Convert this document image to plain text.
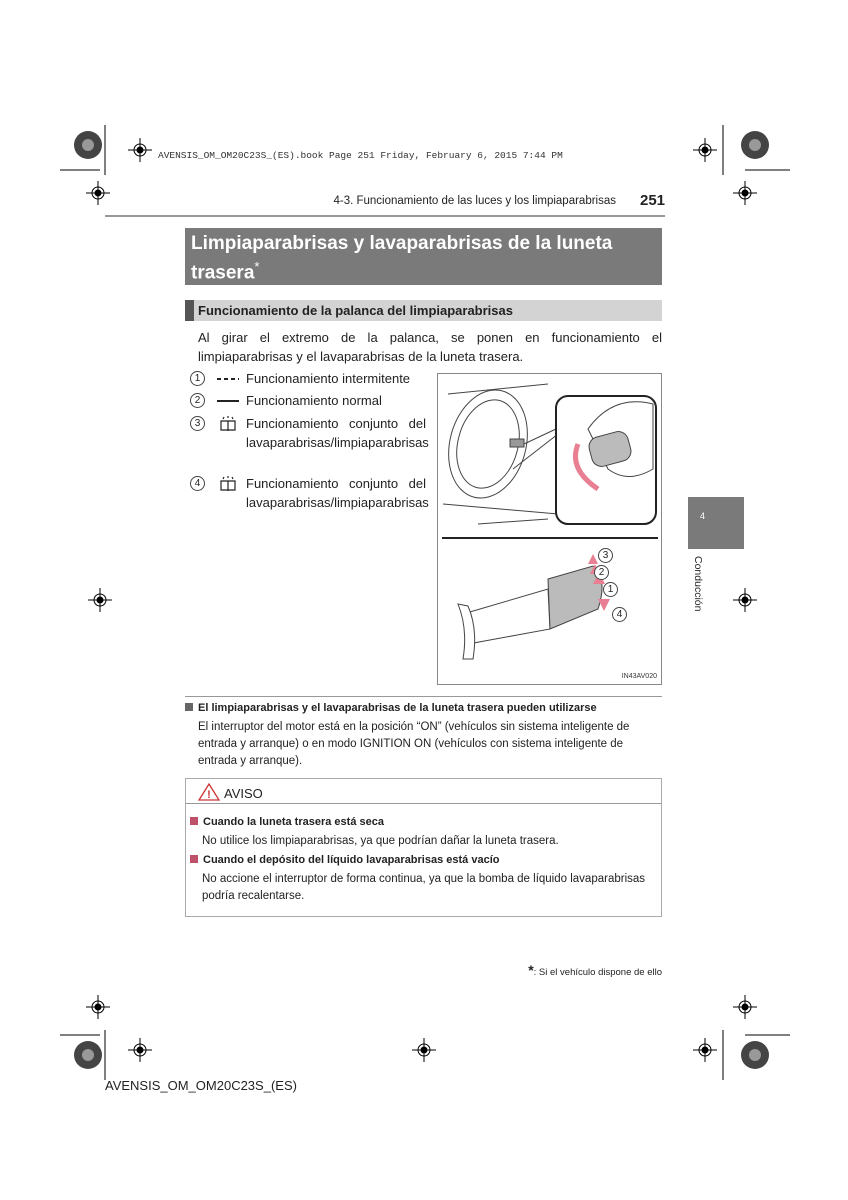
AVENSIS_OM_OM20C23S_(ES).book Page 251 Friday, February 6, 2015 7:44 PM
4-3. Funcionamiento de las luces y los limpiaparabrisas 251
Limpiaparabrisas y lavaparabrisas de la luneta trasera*
Funcionamiento de la palanca del limpiaparabrisas
Al girar el extremo de la palanca, se ponen en funcionamiento el limpiaparabrisas y el lavaparabrisas de la luneta trasera.
1	Funcionamiento intermitente
2	Funcionamiento normal
3	Funcionamiento conjunto del lavaparabrisas/limpiaparabrisas
4	Funcionamiento conjunto del lavaparabrisas/limpiaparabrisas
3
2
1
4
IN43AV020
4
Conducción
El limpiaparabrisas y el lavaparabrisas de la luneta trasera pueden utilizarse
El interruptor del motor está en la posición “ON” (vehículos sin sistema inteligente de entrada y arranque) o en modo IGNITION ON (vehículos con sistema inteligente de entrada y arranque).
! AVISO
Cuando la luneta trasera está seca
No utilice los limpiaparabrisas, ya que podrían dañar la luneta trasera.
Cuando el depósito del líquido lavaparabrisas está vacío
No accione el interruptor de forma continua, ya que la bomba de líquido lavaparabrisas podría recalentarse.
*: Si el vehículo dispone de ello
AVENSIS_OM_OM20C23S_(ES)
